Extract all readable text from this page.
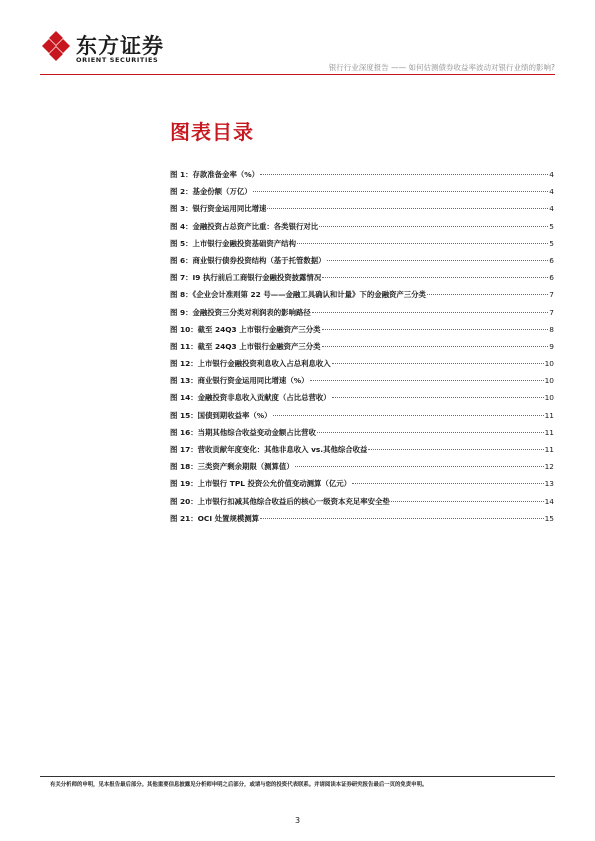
东方证券
ORIENT SECURITIES
银行行业深度报告 —— 如何估测债券收益率波动对银行业绩的影响?
图表目录
图 1：存款准备金率（%）	4
图 2：基金份额（万亿）	4
图 3：银行资金运用同比增速	4
图 4：金融投资占总资产比重：各类银行对比	5
图 5：上市银行金融投资基础资产结构	5
图 6：商业银行债券投资结构（基于托管数据）	6
图 7：I9 执行前后工商银行金融投资披露情况	6
图 8：《企业会计准则第 22 号——金融工具确认和计量》下的金融资产三分类	7
图 9：金融投资三分类对利润表的影响路径	7
图 10：截至 24Q3 上市银行金融资产三分类	8
图 11：截至 24Q3 上市银行金融资产三分类	9
图 12：上市银行金融投资利息收入占总利息收入	10
图 13：商业银行资金运用同比增速（%）	10
图 14：金融投资非息收入贡献度（占比总营收）	10
图 15：国债到期收益率（%）	11
图 16：当期其他综合收益变动金额占比营收	11
图 17：营收贡献年度变化：其他非息收入 vs.其他综合收益	11
图 18：三类资产剩余期限（测算值）	12
图 19：上市银行 TPL 投资公允价值变动测算（亿元）	13
图 20：上市银行扣减其他综合收益后的核心一级资本充足率安全垫	14
图 21：OCI 处置规模测算	15
有关分析师的申明，见本报告最后部分。其他重要信息披露见分析师申明之后部分，或请与您的投资代表联系。并请阅读本证券研究报告最后一页的免责申明。
3
